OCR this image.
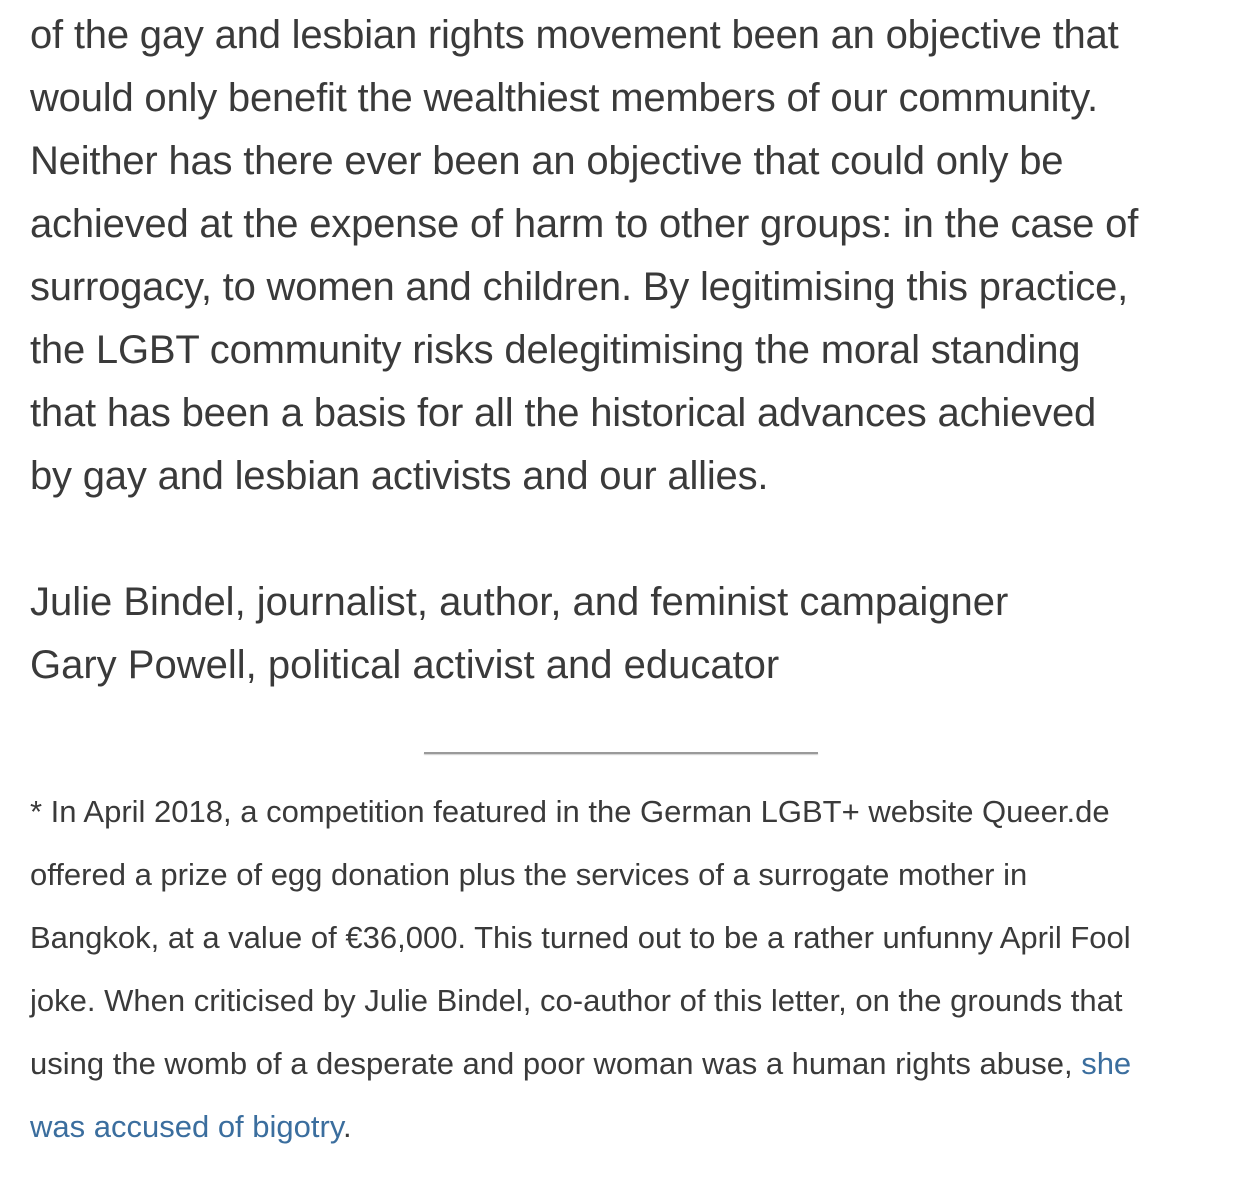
of the gay and lesbian rights movement been an objective that
would only benefit the wealthiest members of our community.
Neither has there ever been an objective that could only be
achieved at the expense of harm to other groups: in the case of
surrogacy, to women and children. By legitimising this practice,
the LGBT community risks delegitimising the moral standing
that has been a basis for all the historical advances achieved
by gay and lesbian activists and our allies.

Julie Bindel, journalist, author, and feminist campaigner
Gary Powell, political activist and educator
* In April 2018, a competition featured in the German LGBT+ website Queer.de
offered a prize of egg donation plus the services of a surrogate mother in
Bangkok, at a value of €36,000. This turned out to be a rather unfunny April Fool
joke. When criticised by Julie Bindel, co-author of this letter, on the grounds that
using the womb of a desperate and poor woman was a human rights abuse, she
was accused of bigotry.
